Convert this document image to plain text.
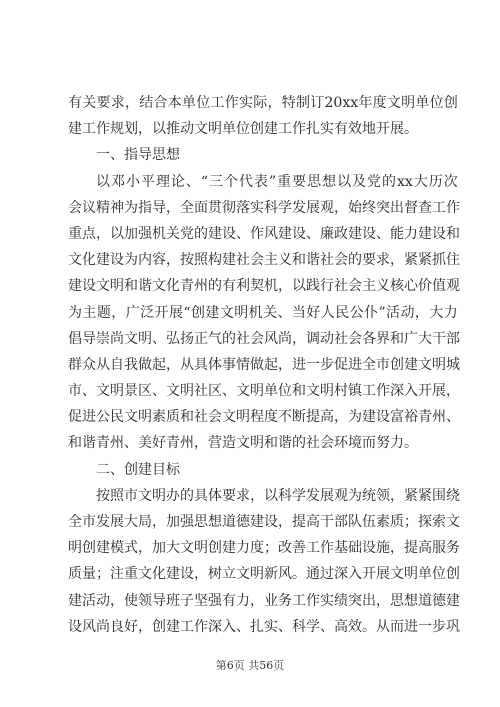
有 关 要 求 ， 结 合 本 单 位 工 作 实 际 ， 特 制 订 20xx 年 度 文 明 单 位 创
建工作规划，以推动文明单位创建工作扎实有效地开展。
一、指导思想
以 邓 小 平 理 论 、 “ 三 个 代 表 ” 重 要 思 想 以 及 党 的 xx 大 历 次
会 议 精 神 为 指 导 ， 全 面 贯 彻 落 实 科 学 发 展 观 ， 始 终 突 出 督 查 工 作
重 点 ， 以 加 强 机 关 党 的 建 设 、 作 风 建 设 、 廉 政 建 设 、 能 力 建 设 和
文 化 建 设 为 内 容 ， 按 照 构 建 社 会 主 义 和 谐 社 会 的 要 求 ， 紧 紧 抓 住
建 设 文 明 和 谐 文 化 青 州 的 有 利 契 机 ， 以 践 行 社 会 主 义 核 心 价 值 观
为 主 题 ， 广 泛 开 展 “ 创 建 文 明 机 关 、 当 好 人 民 公 仆 ” 活 动 ， 大 力
倡 导 崇 尚 文 明 、 弘 扬 正 气 的 社 会 风 尚 ， 调 动 社 会 各 界 和 广 大 干 部
群 众 从 自 我 做 起 ， 从 具 体 事 情 做 起 ， 进 一 步 促 进 全 市 创 建 文 明 城
市 、 文 明 景 区 、 文 明 社 区 、 文 明 单 位 和 文 明 村 镇 工 作 深 入 开 展 ，
促 进 公 民 文 明 素 质 和 社 会 文 明 程 度 不 断 提 高 ， 为 建 设 富 裕 青 州 、
和谐青州、美好青州，营造文明和谐的社会环境而努力。
二、创建目标
按 照 市 文 明 办 的 具 体 要 求 ， 以 科 学 发 展 观 为 统 领 ， 紧 紧 围 绕
全 市 发 展 大 局 ， 加 强 思 想 道 德 建 设 ， 提 高 干 部 队 伍 素 质 ； 探 索 文
明 创 建 模 式 ， 加 大 文 明 创 建 力 度 ； 改 善 工 作 基 础 设 施 ， 提 高 服 务
质 量 ； 注 重 文 化 建 设 ， 树 立 文 明 新 风 。 通 过 深 入 开 展 文 明 单 位 创
建 活 动 ， 使 领 导 班 子 坚 强 有 力 ， 业 务 工 作 实 绩 突 出 ， 思 想 道 德 建
设 风 尚 良 好 ， 创 建 工 作 深 入 、 扎 实 、 科 学 、 高 效 。 从 而 进 一 步 巩
第6页 共56页
